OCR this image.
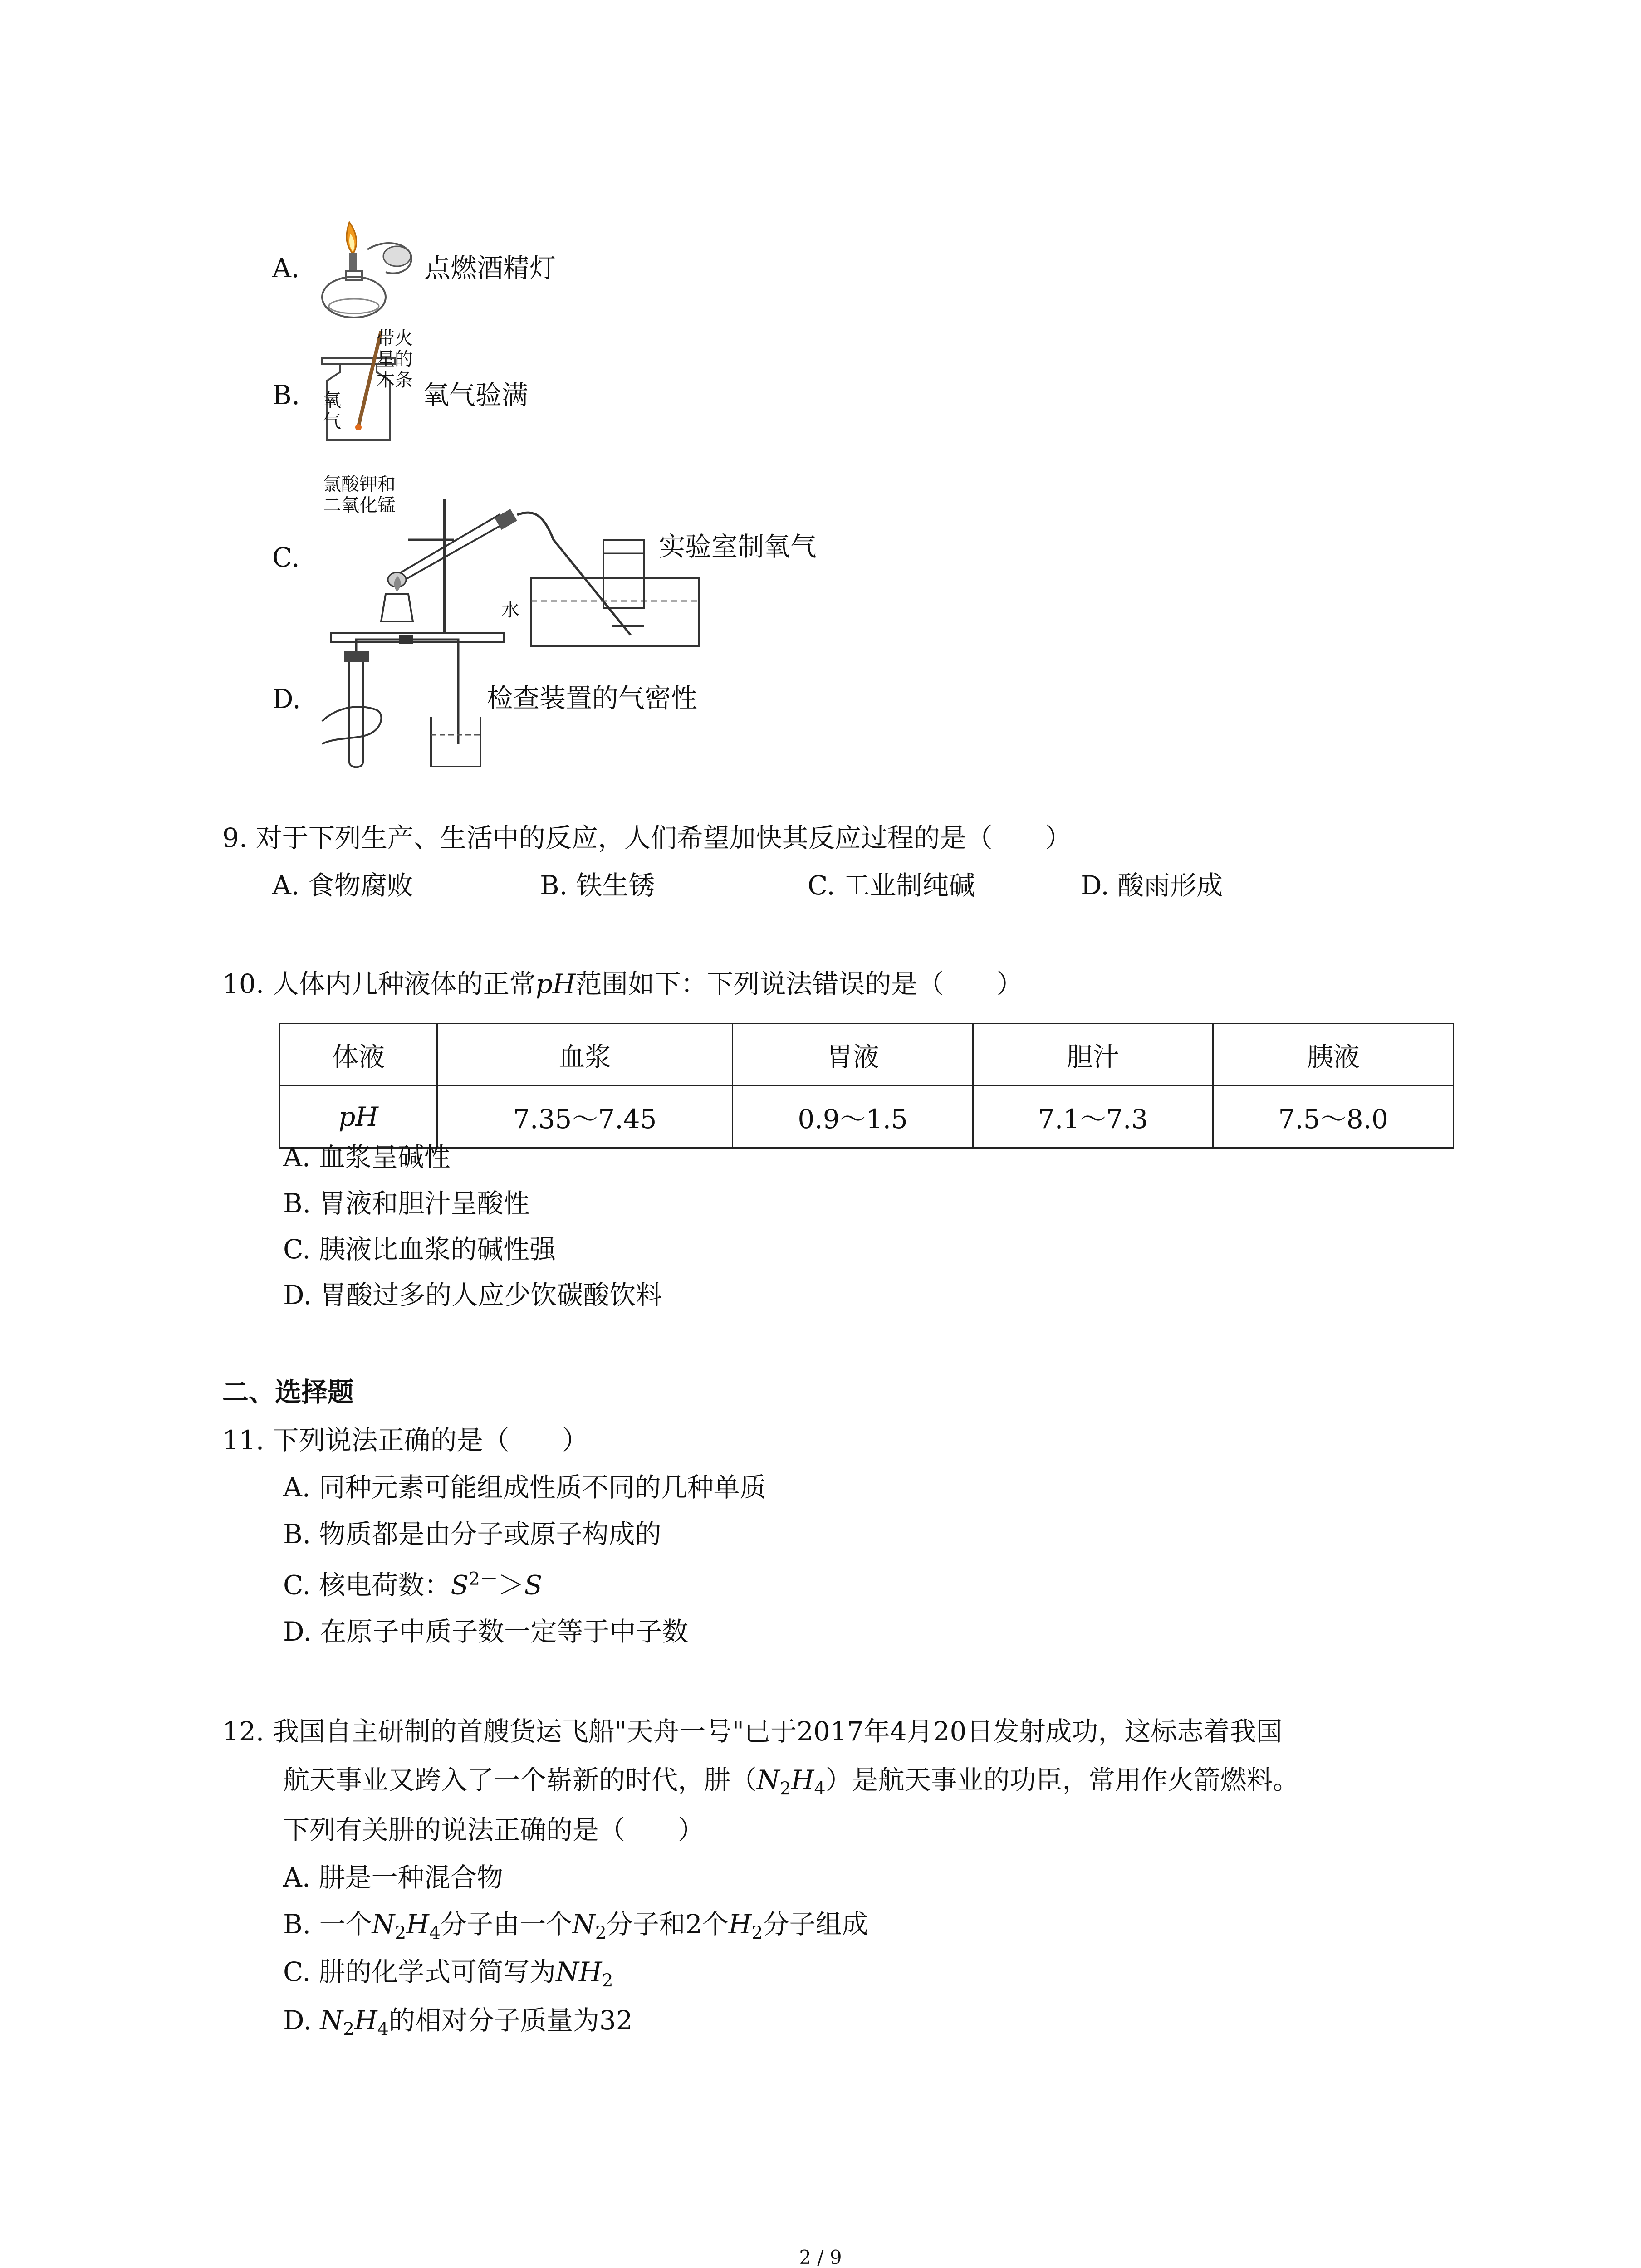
A.	点燃酒精灯
B.
带火
星的
木条
氧
气
氧气验满
C.
氯酸钾和
二氧化锰
水
实验室制氧气
D.	检查装置的气密性
9. 对于下列生产、生活中的反应，人们希望加快其反应过程的是（　　）
A. 食物腐败	B. 铁生锈	C. 工业制纯碱	D. 酸雨形成
10. 人体内几种液体的正常pH范围如下：下列说法错误的是（　　）
体液	血浆	胃液	胆汁	胰液
pH	7.35～7.45	0.9～1.5	7.1～7.3	7.5～8.0
A. 血浆呈碱性
B. 胃液和胆汁呈酸性
C. 胰液比血浆的碱性强
D. 胃酸过多的人应少饮碳酸饮料
二、选择题
11. 下列说法正确的是（　　）
A. 同种元素可能组成性质不同的几种单质
B. 物质都是由分子或原子构成的
C. 核电荷数：$S^{2-}>S$
D. 在原子中质子数一定等于中子数
12. 我国自主研制的首艘货运飞船"天舟一号"已于2017年4月20日发射成功，这标志着我国
航天事业又跨入了一个崭新的时代，肼$(N_2H_4)$是航天事业的功臣，常用作火箭燃料。
下列有关肼的说法正确的是（　　）
A. 肼是一种混合物
B. 一个$N_2H_4$分子由一个$N_2$分子和2个$H_2$分子组成
C. 肼的化学式可简写为$NH_2$
D. $N_2H_4$的相对分子质量为32
2 / 9
